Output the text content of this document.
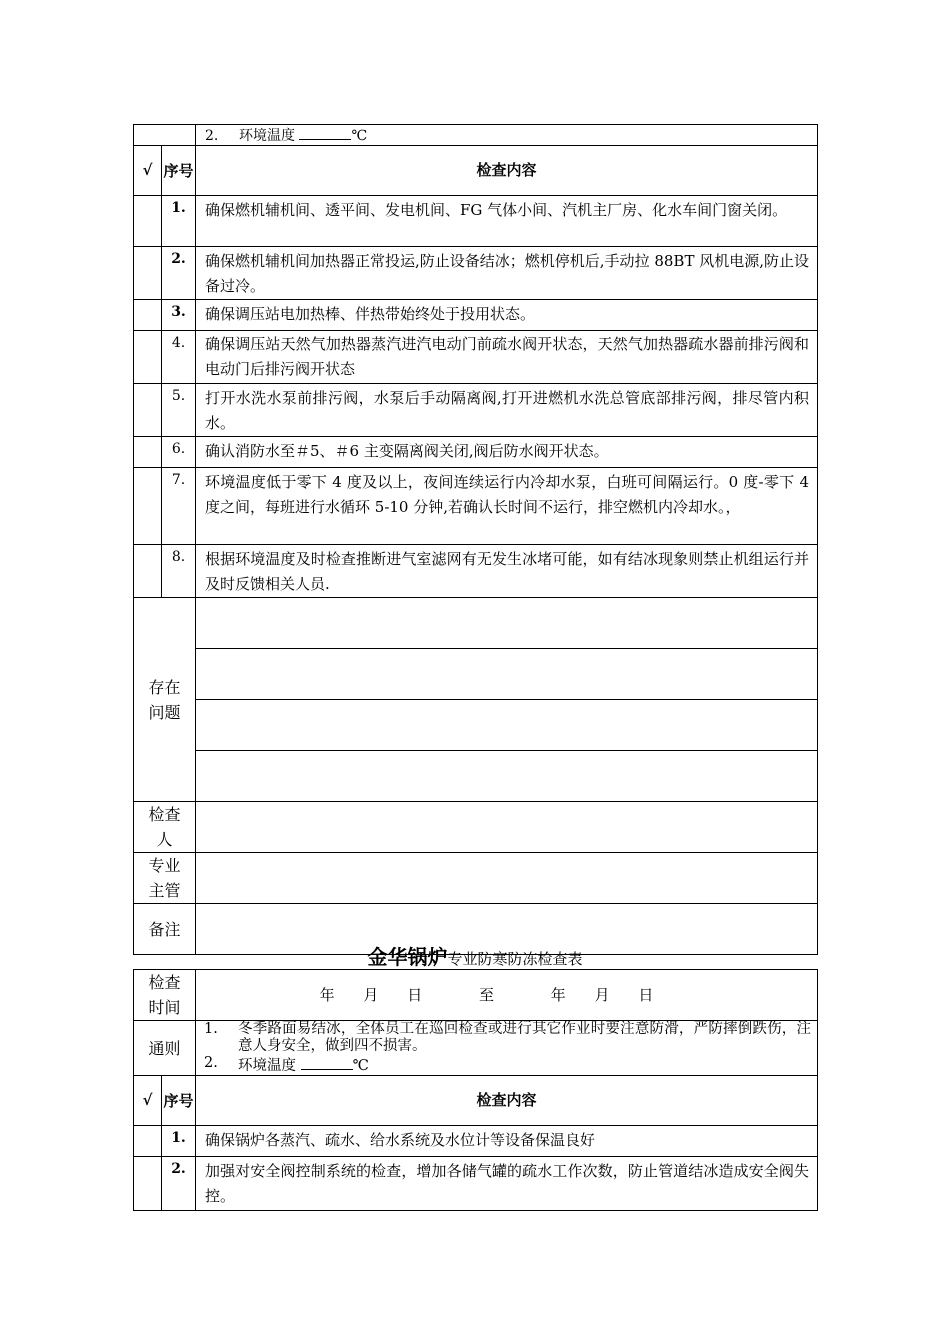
		2. 环境温度 ℃
√	序号	检查内容
	1.	确保燃机辅机间、透平间、发电机间、FG 气体小间、汽机主厂房、化水车间门窗关闭。
	2.	确保燃机辅机间加热器正常投运,防止设备结冰；燃机停机后,手动拉 88BT 风机电源,防止设备过冷。
	3.	确保调压站电加热棒、伴热带始终处于投用状态。
	4.	确保调压站天然气加热器蒸汽进汽电动门前疏水阀开状态，天然气加热器疏水器前排污阀和电动门后排污阀开状态
	5.	打开水洗水泵前排污阀，水泵后手动隔离阀,打开进燃机水洗总管底部排污阀，排尽管内积水。
	6.	确认消防水至＃5、＃6 主变隔离阀关闭,阀后防水阀开状态。
	7.	环境温度低于零下 4 度及以上，夜间连续运行内冷却水泵，白班可间隔运行。0 度-零下 4 度之间，每班进行水循环 5-10 分钟,若确认长时间不运行，排空燃机内冷却水。，
	8.	根据环境温度及时检查推断进气室滤网有无发生冰堵可能，如有结冰现象则禁止机组运行并及时反馈相关人员.

存在问题		

检查人		

专业主管		

备注		
金华锅炉专业防寒防冻检查表
检查时间		年 月 日 至 年 月 日
通则		1. 冬季路面易结冰，全体员工在巡回检查或进行其它作业时要注意防滑，严防摔倒跌伤，注意人身安全，做到四不损害。
2. 环境温度 ℃

√	序号	检查内容
	1.	确保锅炉各蒸汽、疏水、给水系统及水位计等设备保温良好
	2.	加强对安全阀控制系统的检查，增加各储气罐的疏水工作次数，防止管道结冰造成安全阀失控。
